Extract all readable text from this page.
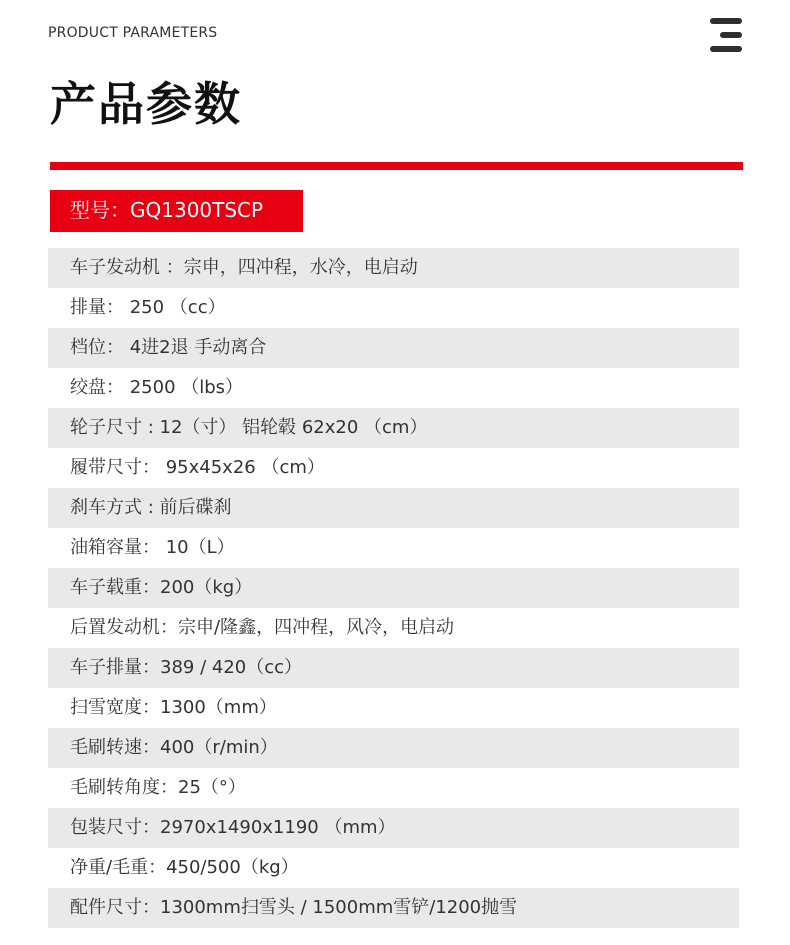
PRODUCT PARAMETERS
产品参数
型号：GQ1300TSCP
车子发动机 ：宗申，四冲程，水冷，电启动
排量： 250 （cc）
档位： 4进2退 手动离合
绞盘： 2500 （lbs）
轮子尺寸 : 12（寸） 铝轮毂 62x20 （cm）
履带尺寸： 95x45x26 （cm）
刹车方式 : 前后碟刹
油箱容量： 10（L）
车子载重：200（kg）
后置发动机：宗申/隆鑫，四冲程，风冷，电启动
车子排量：389 / 420（cc）
扫雪宽度：1300（mm）
毛刷转速：400（r/min）
毛刷转角度：25（°）
包装尺寸：2970x1490x1190 （mm）
净重/毛重：450/500（kg）
配件尺寸：1300mm扫雪头 / 1500mm雪铲/1200抛雪
